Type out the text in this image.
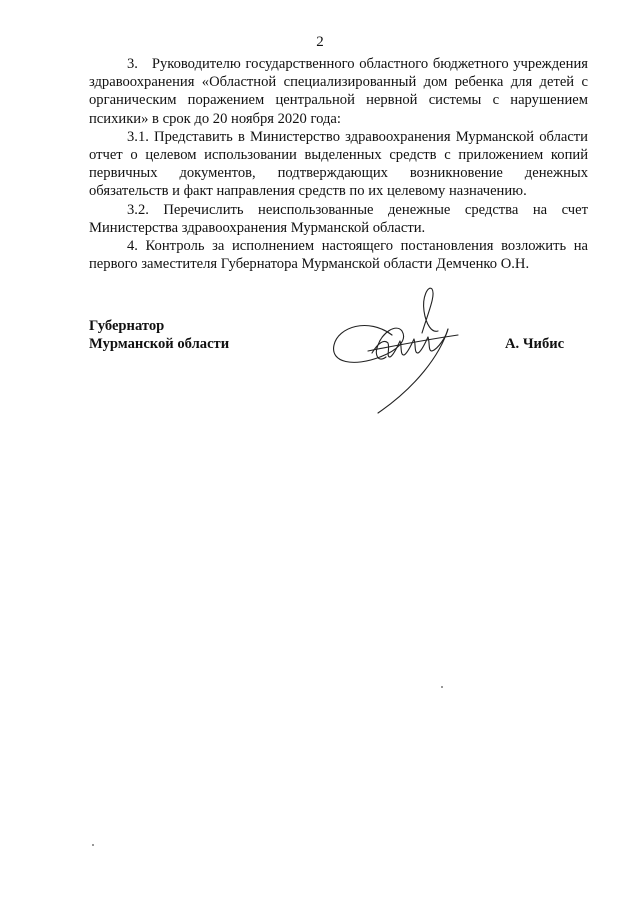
2

3.   Руководителю государственного областного бюджетного учреждения здравоохранения «Областной специализированный дом ребенка для детей с органическим поражением центральной нервной системы с нарушением психики» в срок до 20 ноября 2020 года:

3.1. Представить в Министерство здравоохранения Мурманской области отчет о целевом использовании выделенных средств с приложением копий первичных документов, подтверждающих возникновение денежных обязательств и факт направления средств по их целевому назначению.

3.2. Перечислить неиспользованные денежные средства на счет Министерства здравоохранения Мурманской области.

4. Контроль за исполнением настоящего постановления возложить на первого заместителя Губернатора Мурманской области Демченко О.Н.

Губернатор
Мурманской области	А. Чибис
